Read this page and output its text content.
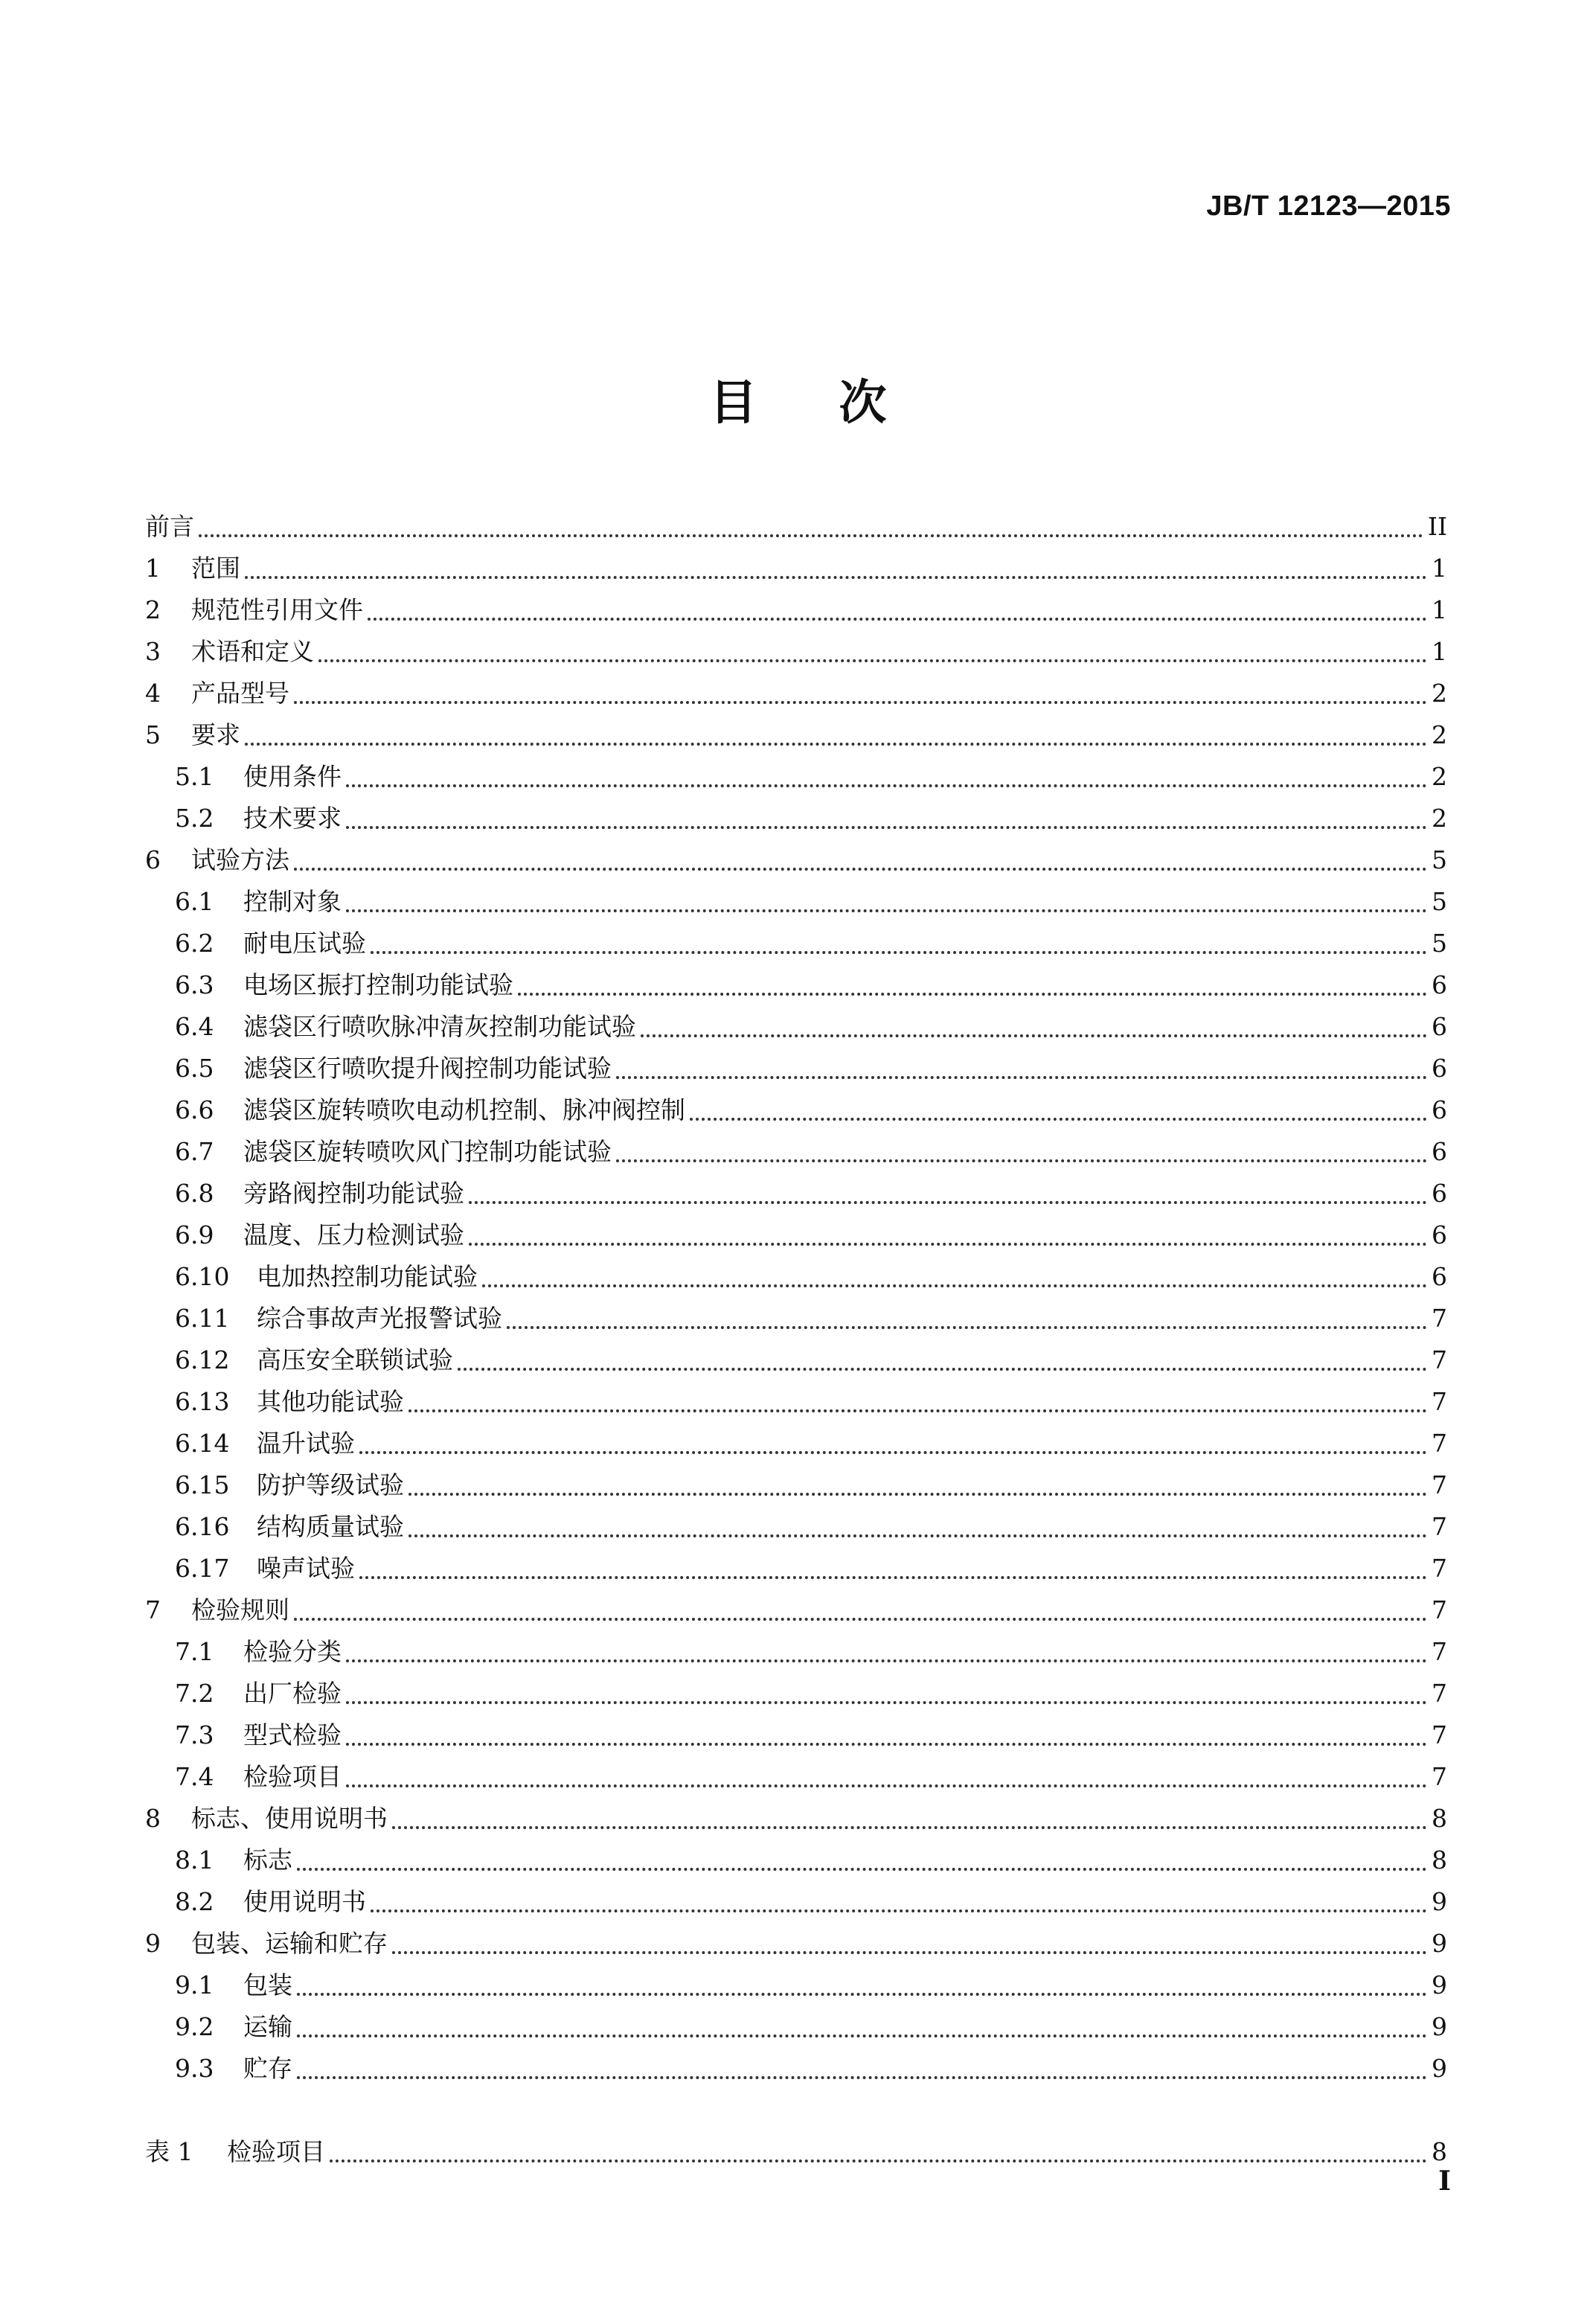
JB/T 12123—2015
目次
前言	II
1	范围	1
2	规范性引用文件	1
3	术语和定义	1
4	产品型号	2
5	要求	2
5.1	使用条件	2
5.2	技术要求	2
6	试验方法	5
6.1	控制对象	5
6.2	耐电压试验	5
6.3	电场区振打控制功能试验	6
6.4	滤袋区行喷吹脉冲清灰控制功能试验	6
6.5	滤袋区行喷吹提升阀控制功能试验	6
6.6	滤袋区旋转喷吹电动机控制、脉冲阀控制	6
6.7	滤袋区旋转喷吹风门控制功能试验	6
6.8	旁路阀控制功能试验	6
6.9	温度、压力检测试验	6
6.10	电加热控制功能试验	6
6.11	综合事故声光报警试验	7
6.12	高压安全联锁试验	7
6.13	其他功能试验	7
6.14	温升试验	7
6.15	防护等级试验	7
6.16	结构质量试验	7
6.17	噪声试验	7
7	检验规则	7
7.1	检验分类	7
7.2	出厂检验	7
7.3	型式检验	7
7.4	检验项目	7
8	标志、使用说明书	8
8.1	标志	8
8.2	使用说明书	9
9	包装、运输和贮存	9
9.1	包装	9
9.2	运输	9
9.3	贮存	9
表 1	检验项目	8
I
